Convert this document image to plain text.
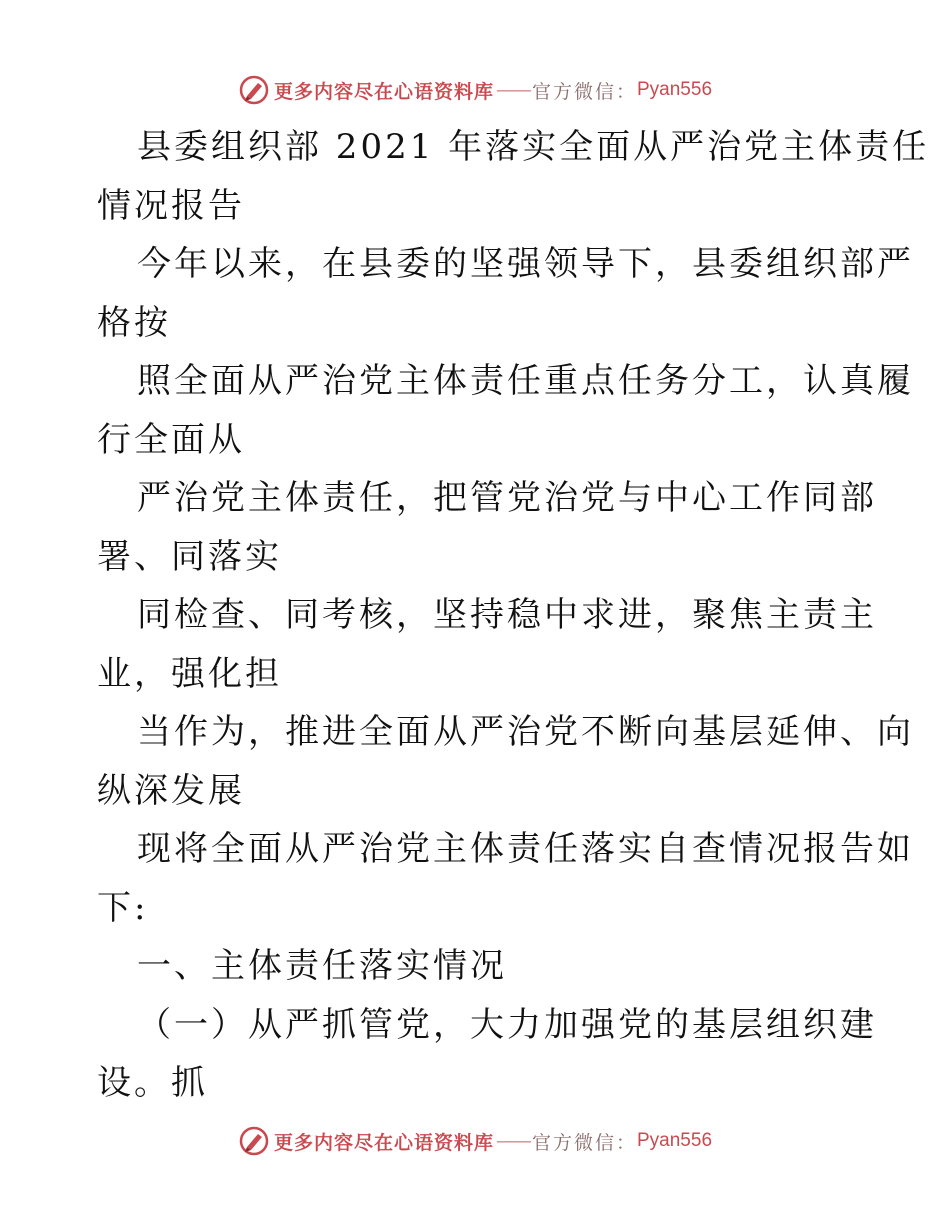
更多内容尽在心语资料库 —— 官方微信： Pyan556
县委组织部 2021 年落实全面从严治党主体责任
情况报告
今年以来，在县委的坚强领导下，县委组织部严
格按
照全面从严治党主体责任重点任务分工，认真履
行全面从
严治党主体责任，把管党治党与中心工作同部
署、同落实
同检查、同考核，坚持稳中求进，聚焦主责主
业，强化担
当作为，推进全面从严治党不断向基层延伸、向
纵深发展
现将全面从严治党主体责任落实自查情况报告如
下:
一、主体责任落实情况
（一）从严抓管党，大力加强党的基层组织建
设。抓
更多内容尽在心语资料库 —— 官方微信： Pyan556
